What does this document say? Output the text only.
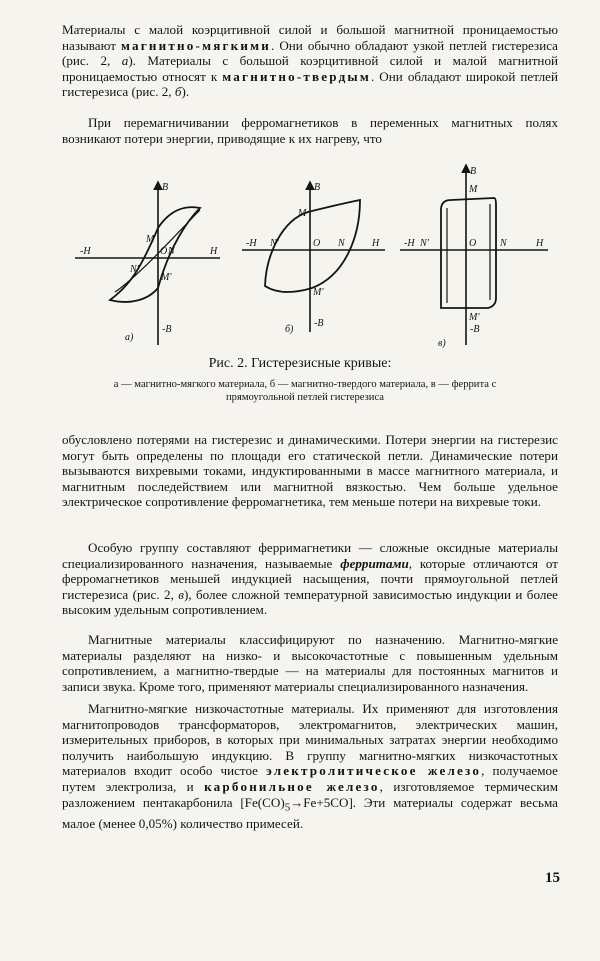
Материалы с малой коэрцитивной силой и большой магнитной проницаемостью называют магнитно-мягкими. Они обычно обладают узкой петлей гистерезиса (рис. 2, а). Материалы с большой коэрцитивной силой и малой магнитной проницаемостью относят к магнитно-твердым. Они обладают широкой петлей гистерезиса (рис. 2, б).

При перемагничивании ферромагнетиков в переменных магнитных полях возникают потери энергии, приводящие к их нагреву, что

-H	H
B
-B
M
M'
N
N'
O
а)
-H	H
B
-B
M
M'
N
N'	O
б)
-H	H
B
-B
M
M'
N
N'	O
в)
Рис. 2. Гистерезисные кривые:
а — магнитно-мягкого материала, б — магнитно-твердого материала, в — феррита с прямоугольной петлей гистерезиса

обусловлено потерями на гистерезис и динамическими. Потери энергии на гистерезис могут быть определены по площади его статической петли. Динамические потери вызываются вихревыми токами, индуктированными в массе магнитного материала, и магнитным последействием или магнитной вязкостью. Чем больше удельное электрическое сопротивление ферромагнетика, тем меньше потери на вихревые токи.

Особую группу составляют ферримагнетики — сложные оксидные материалы специализированного назначения, называемые ферритами, которые отличаются от ферромагнетиков меньшей индукцией насыщения, почти прямоугольной петлей гистерезиса (рис. 2, в), более сложной температурной зависимостью индукции и более высоким удельным сопротивлением.

Магнитные материалы классифицируют по назначению. Магнитно-мягкие материалы разделяют на низко- и высокочастотные с повышенным удельным сопротивлением, а магнитно-твердые — на материалы для постоянных магнитов и записи звука. Кроме того, применяют материалы специализированного назначения.

Магнитно-мягкие низкочастотные материалы. Их применяют для изготовления магнитопроводов трансформаторов, электромагнитов, электрических машин, измерительных приборов, в которых при минимальных затратах энергии необходимо получить наибольшую индукцию. В группу магнитно-мягких низкочастотных материалов входит особо чистое электролитическое железо, получаемое путем электролиза, и карбонильное железо, изготовляемое термическим разложением пентакарбонила $[Fe(CO)_5\to Fe+5CO]$. Эти материалы содержат весьма малое (менее 0,05%) количество примесей.

15
